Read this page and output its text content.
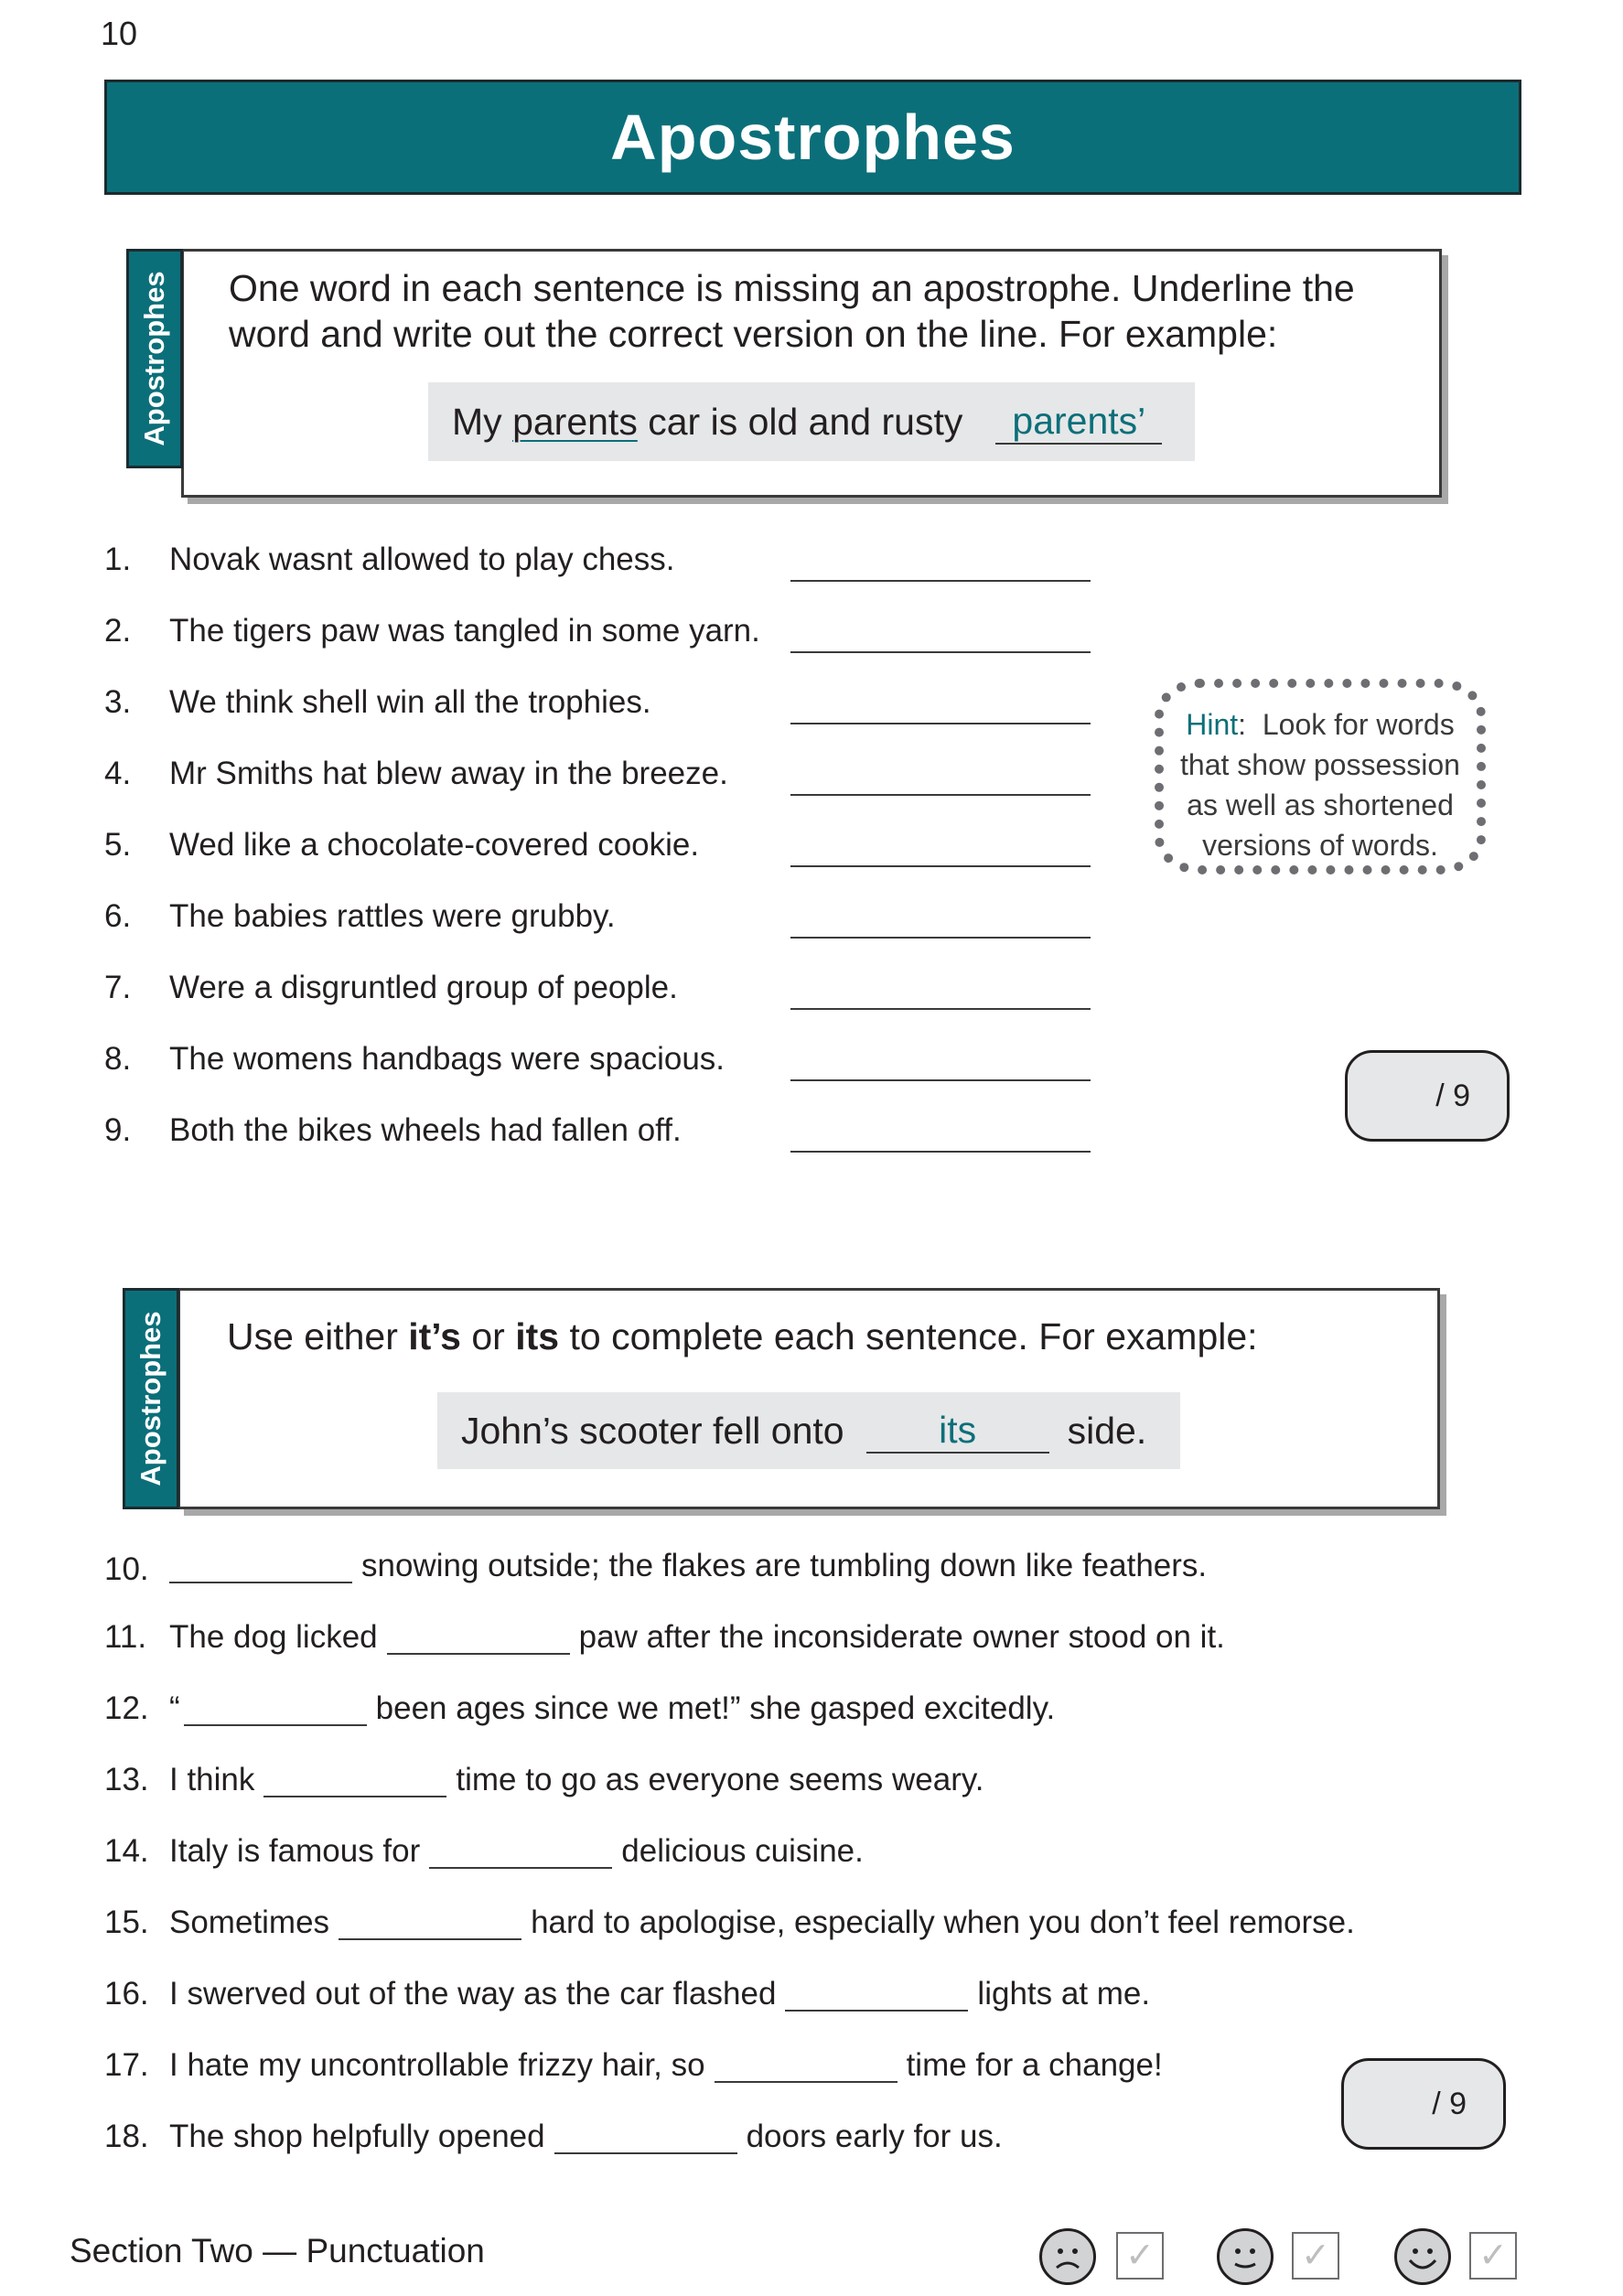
10
Apostrophes
Apostrophes One word in each sentence is missing an apostrophe. Underline the word and write out the correct version on the line. For example:
My
parents
car is old and rusty	parents’
1. Novak wasnt allowed to play chess.
2. The tigers paw was tangled in some yarn.
3. We think shell win all the trophies.
4. Mr Smiths hat blew away in the breeze.
5. Wed like a chocolate-covered cookie.
6. The babies rattles were grubby.
7. Were a disgruntled group of people.
8. The womens handbags were spacious.
9. Both the bikes wheels had fallen off.
Hint:  Look for words
that show possession
as well as shortened
versions of words.
/ 9
Apostrophes Use either it’s or its to complete each sentence. For example:
John’s scooter fell onto	its	side.
10.	snowing outside; the flakes are tumbling down like feathers.
11. The dog licked	paw after the inconsiderate owner stood on it.
12. “	been ages since we met!” she gasped excitedly.
13. I think	time to go as everyone seems weary.
14. Italy is famous for	delicious cuisine.
15. Sometimes	hard to apologise, especially when you don’t feel remorse.
16. I swerved out of the way as the car flashed	lights at me.
17. I hate my uncontrollable frizzy hair, so	time for a change!
18. The shop helpfully opened	doors early for us.
/ 9
Section Two — Punctuation	✓	✓	✓
